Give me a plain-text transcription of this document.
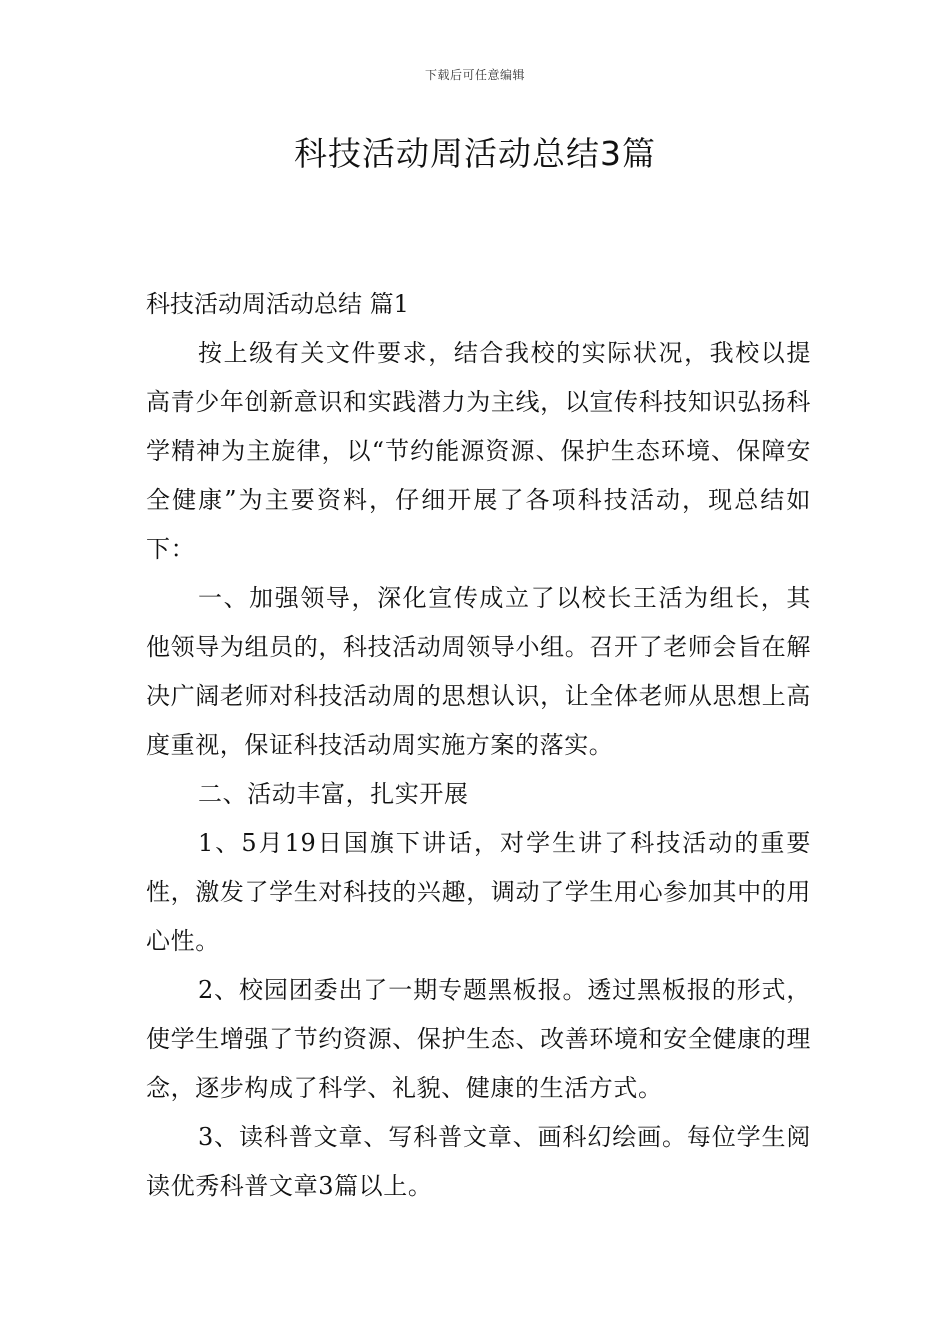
下载后可任意编辑
科技活动周活动总结3篇

科技活动周活动总结 篇1

按上级有关文件要求，结合我校的实际状况，我校以提高青少年创新意识和实践潜力为主线，以宣传科技知识弘扬科学精神为主旋律，以“节约能源资源、保护生态环境、保障安全健康”为主要资料，仔细开展了各项科技活动，现总结如下：

一、加强领导，深化宣传成立了以校长王活为组长，其他领导为组员的，科技活动周领导小组。召开了老师会旨在解决广阔老师对科技活动周的思想认识，让全体老师从思想上高度重视，保证科技活动周实施方案的落实。

二、活动丰富，扎实开展

1、5月19日国旗下讲话，对学生讲了科技活动的重要性，激发了学生对科技的兴趣，调动了学生用心参加其中的用心性。

2、校园团委出了一期专题黑板报。透过黑板报的形式，使学生增强了节约资源、保护生态、改善环境和安全健康的理念，逐步构成了科学、礼貌、健康的生活方式。

3、读科普文章、写科普文章、画科幻绘画。每位学生阅读优秀科普文章3篇以上。
